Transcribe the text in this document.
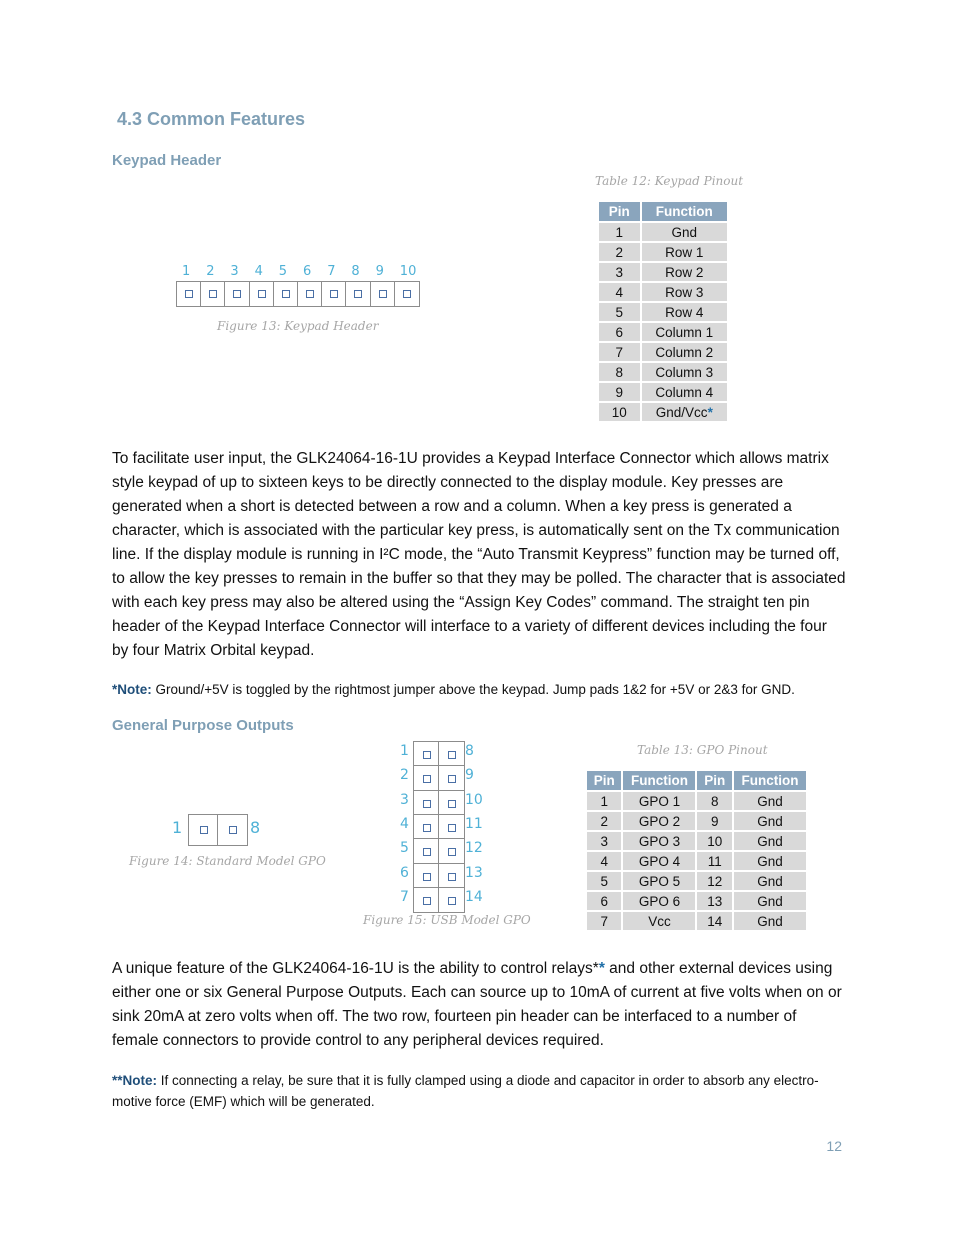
4.3 Common Features
Keypad Header
Table 12: Keypad Pinout
1 2 3 4 5 6 7 8 9 10
Figure 13: Keypad Header
Pin	Function
1	Gnd
2	Row 1
3	Row 2
4	Row 3
5	Row 4
6	Column 1
7	Column 2
8	Column 3
9	Column 4
10	Gnd/Vcc*
To facilitate user input, the GLK24064-16-1U provides a Keypad Interface Connector which allows matrix style keypad of up to sixteen keys to be directly connected to the display module. Key presses are generated when a short is detected between a row and a column. When a key press is generated a character, which is associated with the particular key press, is automatically sent on the Tx communication line. If the display module is running in I²C mode, the “Auto Transmit Keypress” function may be turned off, to allow the key presses to remain in the buffer so that they may be polled. The character that is associated with each key press may also be altered using the “Assign Key Codes” command. The straight ten pin header of the Keypad Interface Connector will interface to a variety of different devices including the four by four Matrix Orbital keypad.
*Note: Ground/+5V is toggled by the rightmost jumper above the keypad. Jump pads 1&2 for +5V or 2&3 for GND.
General Purpose Outputs
1	8
Figure 14: Standard Model GPO
1	8
2	9
3	10
4	11
5	12
6	13
7	14
Figure 15: USB Model GPO
Table 13: GPO Pinout
Pin	Function	Pin	Function
1	GPO 1	8	Gnd
2	GPO 2	9	Gnd
3	GPO 3	10	Gnd
4	GPO 4	11	Gnd
5	GPO 5	12	Gnd
6	GPO 6	13	Gnd
7	Vcc	14	Gnd
A unique feature of the GLK24064-16-1U is the ability to control relays** and other external devices using either one or six General Purpose Outputs. Each can source up to 10mA of current at five volts when on or sink 20mA at zero volts when off. The two row, fourteen pin header can be interfaced to a number of female connectors to provide control to any peripheral devices required.
**Note: If connecting a relay, be sure that it is fully clamped using a diode and capacitor in order to absorb any electro-motive force (EMF) which will be generated.
12
